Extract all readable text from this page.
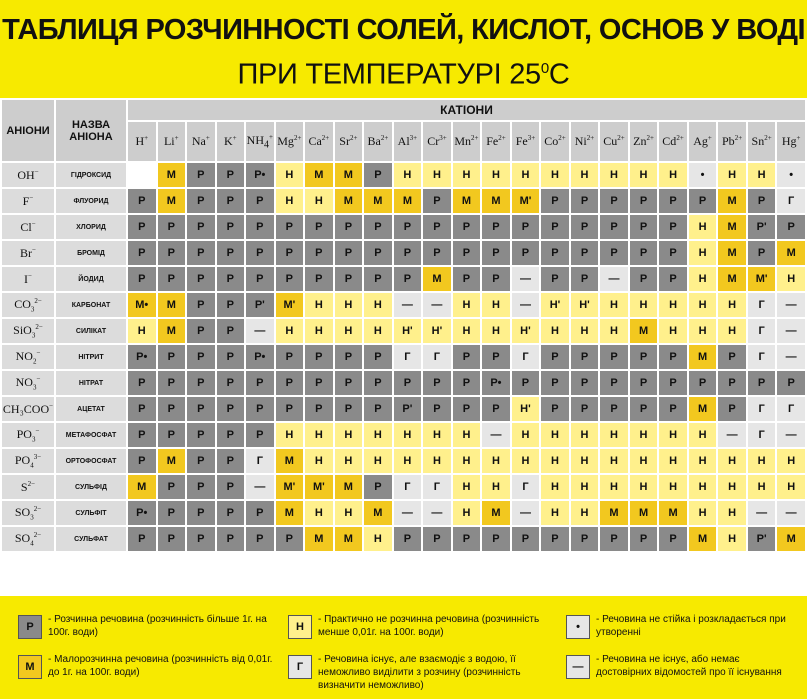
ТАБЛИЦЯ РОЗЧИННОСТІ СОЛЕЙ, КИСЛОТ, ОСНОВ У ВОДІ
ПРИ ТЕМПЕРАТУРІ $25^0C$
АНІОНИ	НАЗВА АНІОНА	КАТІОНИ																						
		H+	Li+	Na+	K+	$NH_4^+$	$Mg^{2+}$	$Ca^{2+}$	$Sr^{2+}$	$Ba^{2+}$	$Al^{3+}$	$Cr^{3+}$	$Mn^{2+}$	$Fe^{2+}$	$Fe^{3+}$	$Co^{2+}$	$Ni^{2+}$	$Cu^{2+}$	$Zn^{2+}$	$Cd^{2+}$	Ag+	$Pb^{2+}$	$Sn^{2+}$	Hg+
OH−	ГІДРОКСИД		М	Р	Р	Р•	Н	М	М	Р	Н	Н	Н	Н	Н	Н	Н	Н	Н	Н	•	Н	Н	•
F−	ФЛУОРИД	Р	М	Р	Р	Р	Н	Н	М	М	М	Р	М	М	М'	Р	Р	Р	Р	Р	Р	М	Р	Г
Cl−	ХЛОРИД	Р	Р	Р	Р	Р	Р	Р	Р	Р	Р	Р	Р	Р	Р	Р	Р	Р	Р	Р	Н	М	Р'	Р
Br−	БРОМІД	Р	Р	Р	Р	Р	Р	Р	Р	Р	Р	Р	Р	Р	Р	Р	Р	Р	Р	Р	Н	М	Р	М
I−	ЙОДИД	Р	Р	Р	Р	Р	Р	Р	Р	Р	Р	М	Р	Р	—	Р	Р	—	Р	Р	Н	М	М'	Н
$CO_3^{2-}$	КАРБОНАТ	М•	М	Р	Р	Р'	М'	Н	Н	Н	—	—	Н	Н	—	Н'	Н'	Н	Н	Н	Н	Н	Г	—
SiO$_3^{2-}$	СИЛІКАТ	Н	М	Р	Р	—	Н	Н	Н	Н	Н'	Н'	Н	Н	Н'	Н	Н	Н	М	Н	Н	Н	Г	—
$NO_2^-$	НІТРИТ	Р•	Р	Р	Р	Р•	Р	Р	Р	Р	Г	Г	Р	Р	Г	Р	Р	Р	Р	Р	М	Р	Г	—
$NO_3^-$	НІТРАТ	Р	Р	Р	Р	Р	Р	Р	Р	Р	Р	Р	Р	Р•	Р	Р	Р	Р	Р	Р	Р	Р	Р	Р
CH₃COO−	АЦЕТАТ	Р	Р	Р	Р	Р	Р	Р	Р	Р	Р'	Р	Р	Р	Н'	Р	Р	Р	Р	Р	М	Р	Г	Г
$PO_3^-$	МЕТАФОСФАТ	Р	Р	Р	Р	Р	Н	Н	Н	Н	Н	Н	Н	—	Н	Н	Н	Н	Н	Н	Н	—	Г	—
$PO_4^{3-}$	ОРТОФОСФАТ	Р	М	Р	Р	Г	М	Н	Н	Н	Н	Н	Н	Н	Н	Н	Н	Н	Н	Н	Н	Н	Н	Н
$S^{2-}$	СУЛЬФІД	М	Р	Р	Р	—	М'	М'	М	Р	Г	Г	Н	Н	Г	Н	Н	Н	Н	Н	Н	Н	Н	Н
$SO_3^{2-}$	СУЛЬФІТ	Р•	Р	Р	Р	Р	М	Н	Н	М	—	—	Н	М	—	Н	Н	М	М	М	Н	Н	—	—
$SO_4^{2-}$	СУЛЬФАТ	Р	Р	Р	Р	Р	Р	М	М	Н	Р	Р	Р	Р	Р	Р	Р	Р	Р	Р	М	Н	Р'	М
Р
- Розчинна речовина (розчинність більше 1г. на 100г. води)	Н
- Практично не розчинна речовина (розчинність менше 0,01г. на 100г. води)	•
- Речовина не стійка і розкладається при утворенні
М
- Малорозчинна речовина (розчинність від 0,01г. до 1г. на 100г. води)	Г
- Речовина існує, але взаємодіє з водою, її неможливо виділити з розчину (розчинність визначити неможливо)
—
- Речовина не існує, або немає достовірних відомостей про її існування
